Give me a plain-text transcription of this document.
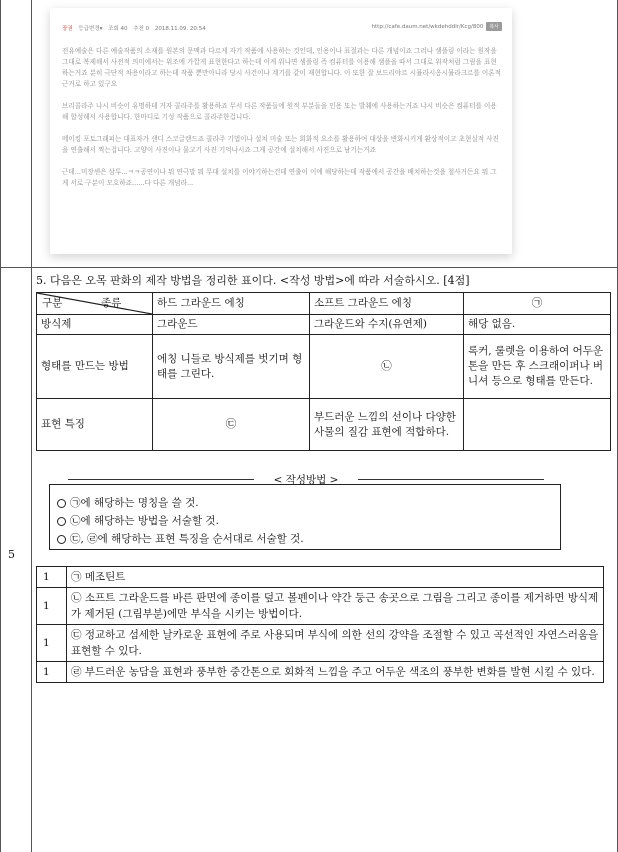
5
장권 등급변경▾ 조회 40 추천 0 2018.11.09. 20:54	http://cafe.daum.net/wkdehddlr/Kcg/800	복사

전유예술은 다른 예술작품의 소재를 원본의 문맥과 다르게 자기 작품에 사용하는 것인데, 인용이나 표절과는 다른 개념이죠 그러나 샘플링 이라는 원작을 그대로 복제해서 사전적 의미에서는 위조에 가깝게 표현한다고 하는데 이게 워나면 샘플링 즉 컴퓨터를 이용해 샘플을 따서 그대로 위작처럼 그림을 표현하는거죠 분히 극단적 차용이라고 하는데 작품 뿐만아니라 당시 사건이나 계기를 같이 재현합니다. 이 또한 잘 보드리야르 시뮬라시옹시뮬라크르를 이론적 근거로 하고 있구요

브리콜라주 냐시 비슷이 유명하데 거자 콜라주를 활용하죠 무서 다른 작품들에 원적 부분들을 인용 또는 발췌에 사용하는거죠 냐시 비슷은 컴퓨터를 이용해 합성해서 사용합니다. 한마디로 기성 작품으로 콜라주한겁니다.

메이킹 포토그래피는 대표자가 샌디 스코글랜드죠 콜라주 기법이나 설치 미술 또는 회화적 요소를 활용하여 대상을 변화시키게 환상적이고 초현실적 사진을 연출해서 찍는겁니다. 고양이 사진이나 물고기 사진 기억나시죠 그게 공간에 설치해서 사진으로 남기는거죠

근데...미장센은 삼투...ㅋㅋ공연이나 뭐 연극말 뭐 무대 설치를 이야기하는건데 연출이 이에 해당하는데 작품에서 공간을 배치하는것을 철사거든요 뭐 그게 서로 구분이 모호하죠......다 다른 개념라...

5. 다음은 오목 판화의 제작 방법을 정리한 표이다. <작성 방법>에 따라 서술하시오. [4점]
구분 종류	하드 그라운드 에칭	소프트 그라운드 에칭	㉠
방식제	그라운드	그라운드와 수지(유연제)	해당 없음.
형태를 만드는 방법	에칭 니들로 방식제를 벗기며 형태를 그린다.	㉡	록커, 룰렛을 이용하여 어두운 톤을 만든 후 스크래이퍼나 버니셔 등으로 형태를 만든다.
표현 특징	㉢	부드러운 느낌의 선이나 다양한 사물의 질감 표현에 적합하다.	
< 작성방법 >
㉠에 해당하는 명칭을 쓸 것.
㉡에 해당하는 방법을 서술할 것.
㉢, ㉣에 해당하는 표현 특징을 순서대로 서술할 것.
1	㉠ 메조틴트
1	㉡ 소프트 그라운드를 바른 판면에 종이를 덮고 볼펜이나 약간 둥근 송곳으로 그림을 그리고 종이를 제거하면 방식제가 제거된 (그림부분)에만 부식을 시키는 방법이다.
1	㉢ 정교하고 섬세한 날카로운 표현에 주로 사용되며 부식에 의한 선의 강약을 조절할 수 있고 곡선적인 자연스러움을 표현할 수 있다.
1	㉣ 부드러운 농담을 표현과 풍부한 중간톤으로 회화적 느낌을 주고 어두운 색조의 풍부한 변화를 발현 시킬 수 있다.
